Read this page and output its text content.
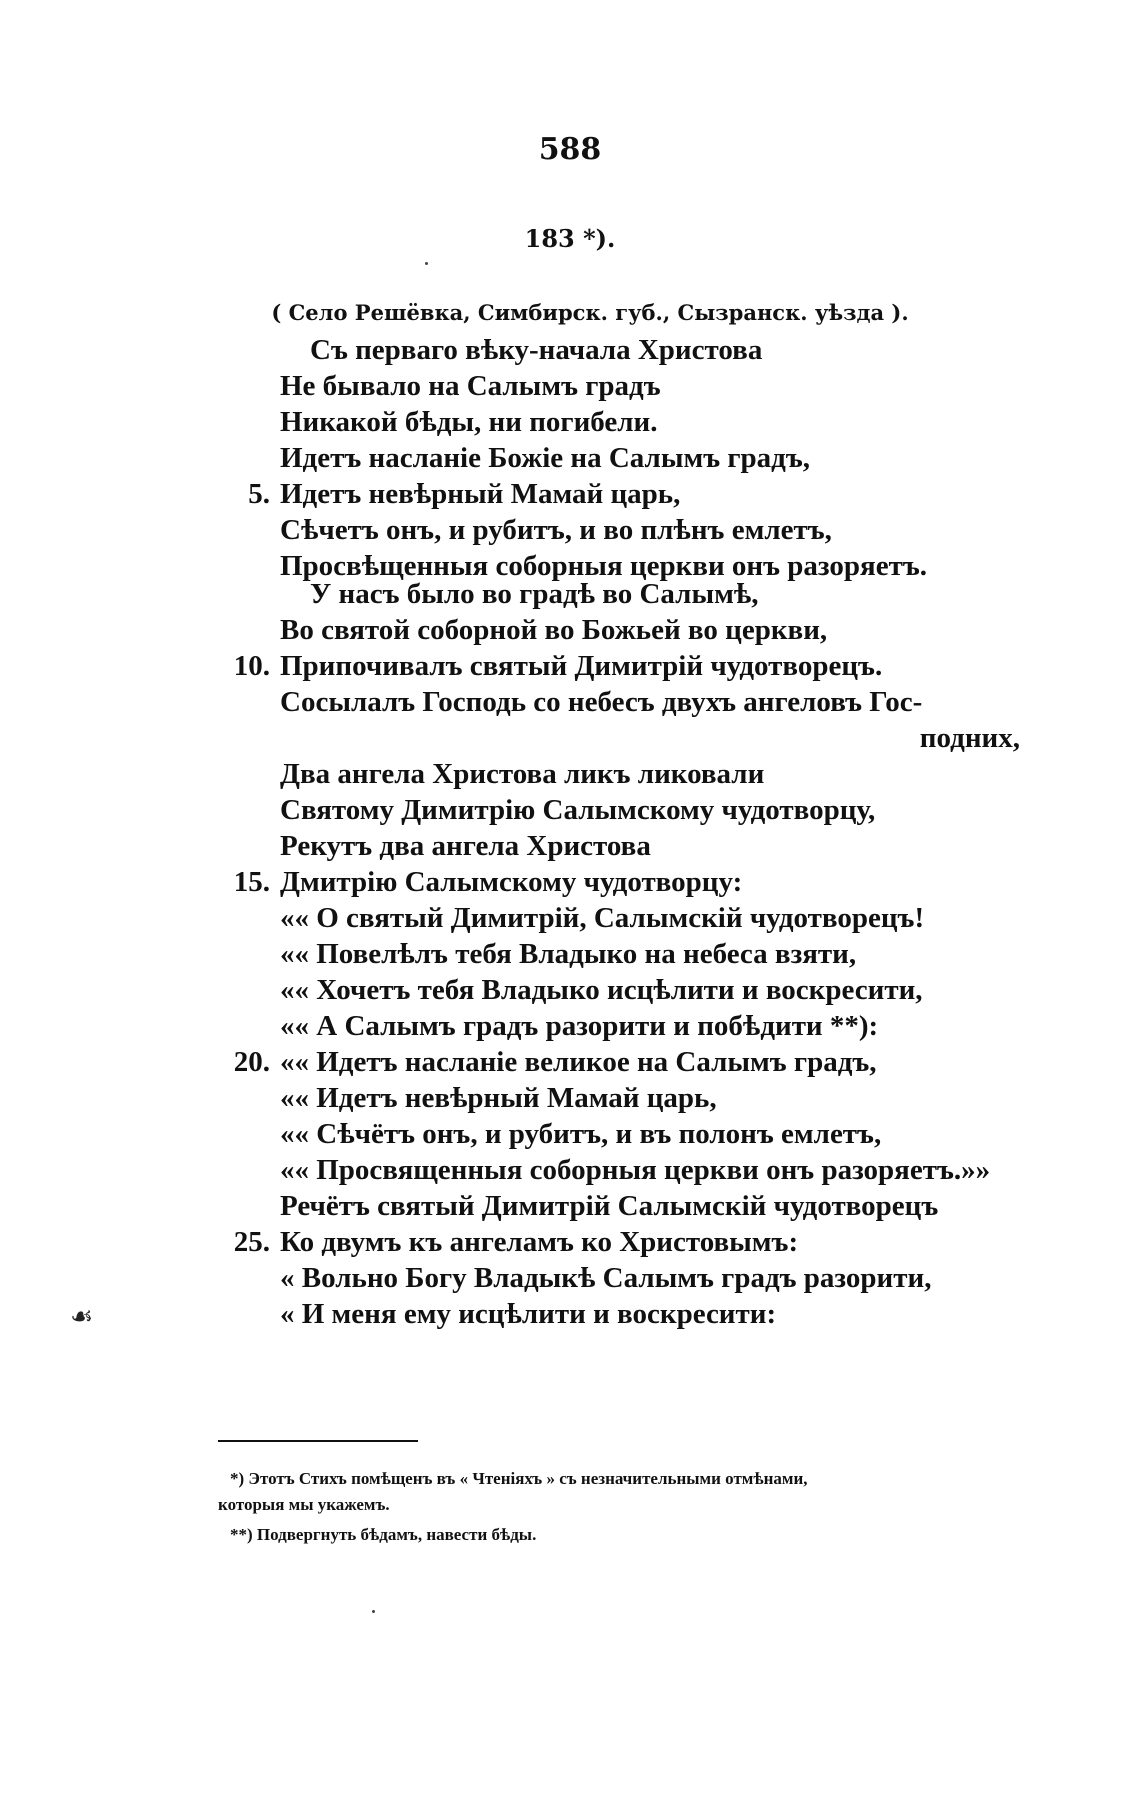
588
183 *).
( Село Решёвка, Симбирск. губ., Сызранск. уѣзда ).
Съ перваго вѣку-начала Христова
Не бывало на Салымъ градъ
Никакой бѣды, ни погибели.
Идетъ насланіе Божіе на Салымъ градъ,
5. Идетъ невѣрный Мамай царь,
Сѣчетъ онъ, и рубитъ, и во плѣнъ емлетъ,
Просвѣщенныя соборныя церкви онъ разоряетъ.
У насъ было во градѣ во Салымѣ,
Во святой соборной во Божьей во церкви,
10. Припочивалъ святый Димитрій чудотворецъ.
Сосылалъ Господь со небесъ двухъ ангеловъ Гос-
подних,
Два ангела Христова ликъ ликовали
Святому Димитрію Салымскому чудотворцу,
Рекутъ два ангела Христова
15. Дмитрію Салымскому чудотворцу:
«« О святый Димитрій, Салымскій чудотворецъ!
«« Повелѣлъ тебя Владыко на небеса взяти,
«« Хочетъ тебя Владыко исцѣлити и воскресити,
«« А Салымъ градъ разорити и побѣдити **):
20. «« Идетъ насланіе великое на Салымъ градъ,
«« Идетъ невѣрный Мамай царь,
«« Сѣчётъ онъ, и рубитъ, и въ полонъ емлетъ,
«« Просвященныя соборныя церкви онъ разоряетъ.»»
Речётъ святый Димитрій Салымскій чудотворецъ
25. Ко двумъ къ ангеламъ ко Христовымъ:
« Вольно Богу Владыкѣ Салымъ градъ разорити,
« И меня ему исцѣлити и воскресити:
*) Этотъ Стихъ помѣщенъ въ « Чтеніяхъ » съ незначительными отмѣнами,
которыя мы укажемъ.
**) Подвергнуть бѣдамъ, навести бѣды.
☙
